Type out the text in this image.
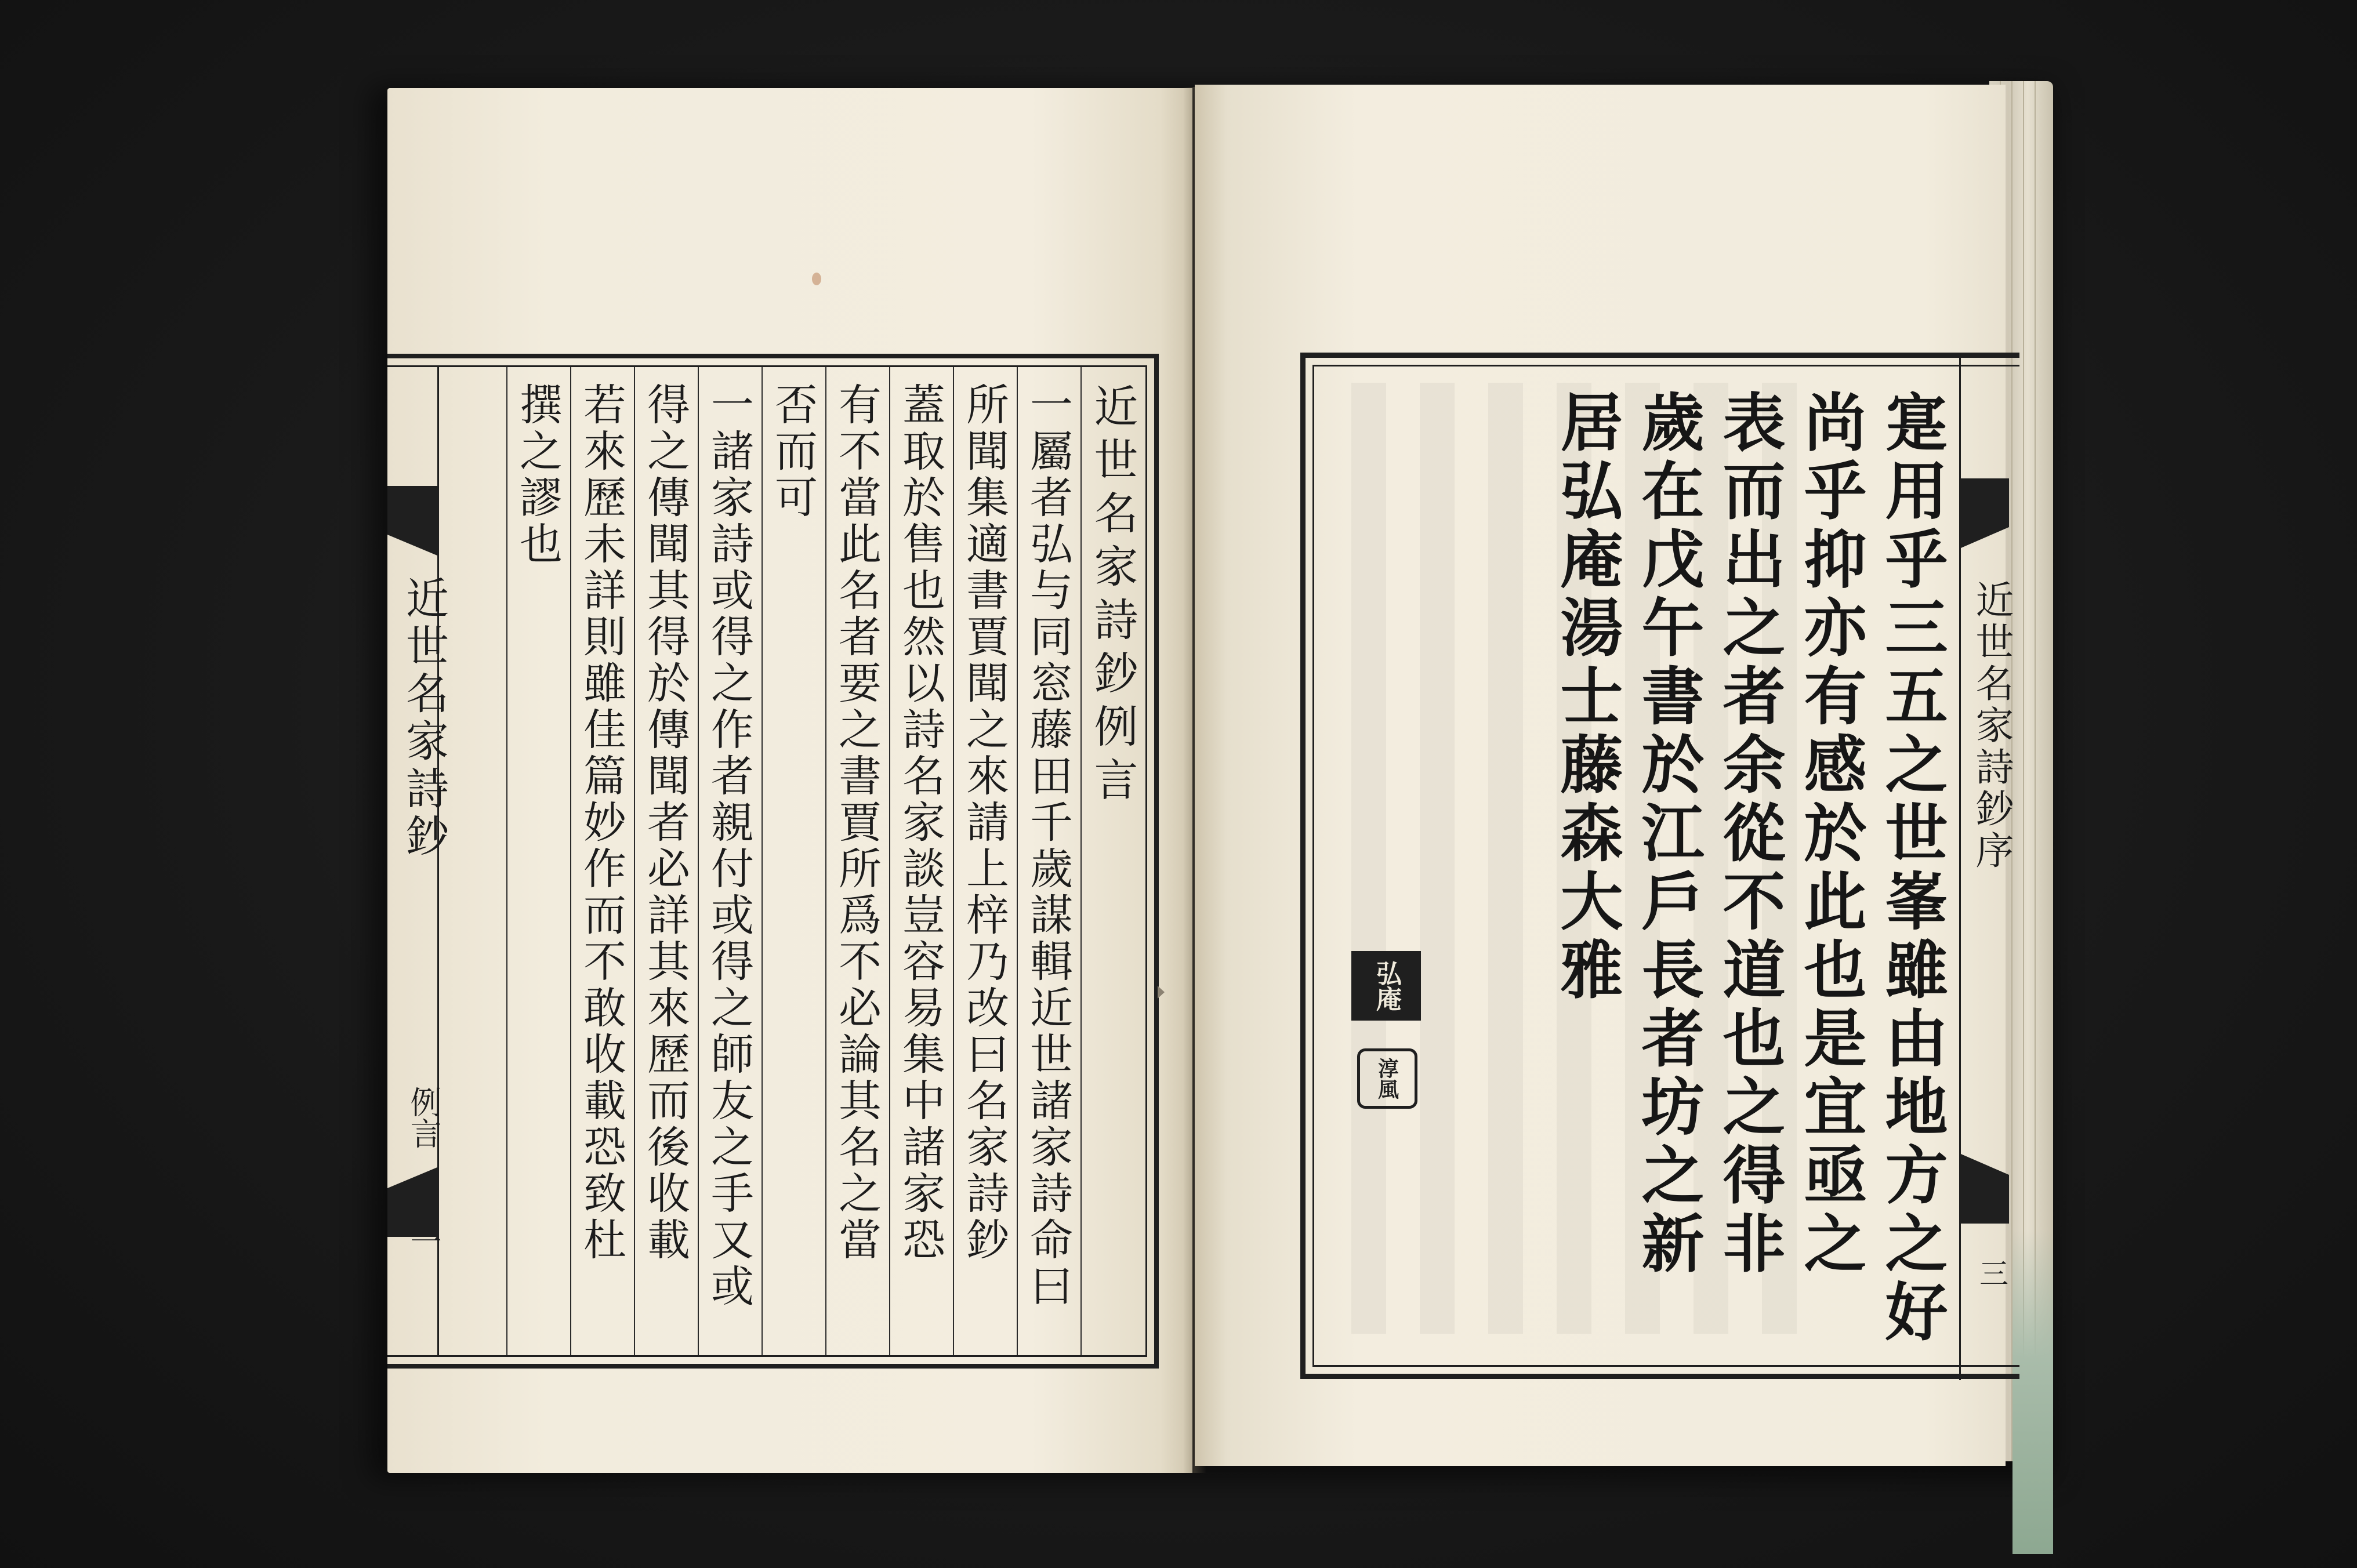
近世名家詩鈔
例言
一
近世名家詩鈔例言
一屬者弘与同窓藤田千歲謀輯近世諸家詩命曰
所聞集適書賈聞之來請上梓乃改曰名家詩鈔
蓋取於售也然以詩名家談豈容易集中諸家恐
有不當此名者要之書賈所爲不必論其名之當
否而可
一諸家詩或得之作者親付或得之師友之手又或
得之傳聞其得於傳聞者必詳其來歷而後收載
若來歷未詳則雖佳篇妙作而不敢收載恐致杜
撰之謬也	寔用乎三五之世峯雖由地方之好
尚乎抑亦有感於此也是宜亟之
表而出之者余從不道也之得非
歲在戊午書於江戶長者坊之新
居弘庵湯士藤森大雅
弘庵
淳風
近世名家詩鈔序
三
